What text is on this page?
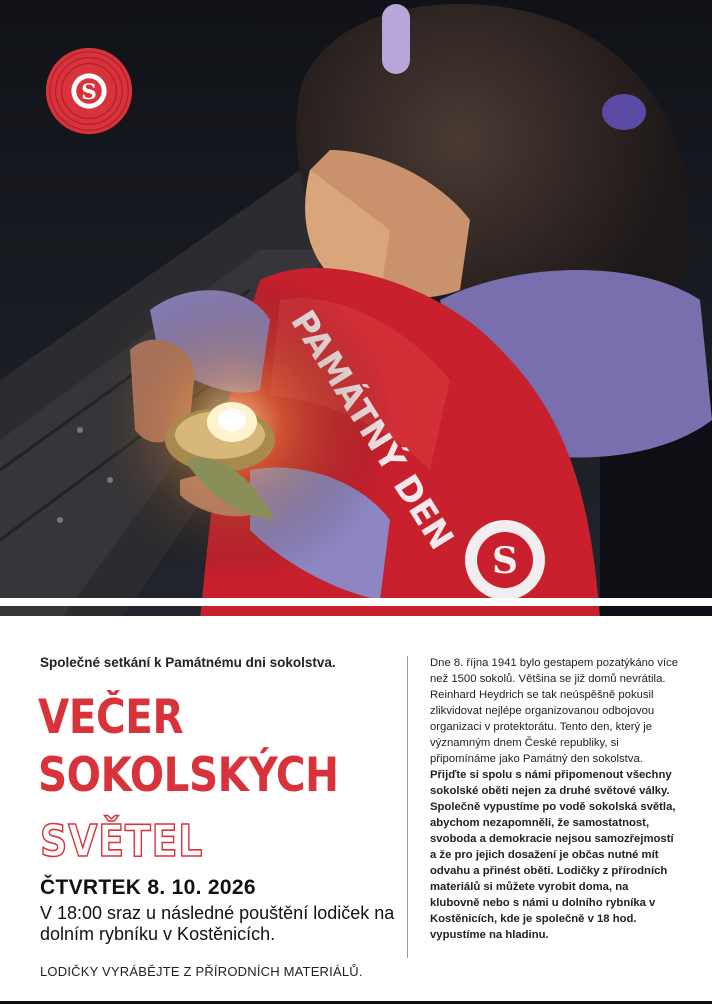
S
Společné setkání k Památnému dni sokolstva.
VEČER
SOKOLSKÝCH
SVĚTEL
ČTVRTEK 8. 10. 2026
V 18:00 sraz u následné pouštění lodiček na dolním rybníku v Kostěnicích.
LODIČKY VYRÁBĚJTE Z PŘÍRODNÍCH MATERIÁLŮ.
Dne 8. října 1941 bylo gestapem pozatýkáno více než 1500 sokolů. Většina se již domů nevrátila. Reinhard Heydrich se tak neúspěšně pokusil zlikvidovat nejlépe organizovanou odbojovou organizaci v protektorátu. Tento den, který je významným dnem České republiky, si připomínáme jako Památný den sokolstva. Přijďte si spolu s námi připomenout všechny sokolské oběti nejen za druhé světové války. Společně vypustíme po vodě sokolská světla, abychom nezapomněli, že samostatnost, svoboda a demokracie nejsou samozřejmostí a že pro jejich dosažení je občas nutné mít odvahu a přinést oběti. Lodičky z přírodních materiálů si můžete vyrobit doma, na klubovně nebo s námi u dolního rybníka v Kostěnicích, kde je společně v 18 hod. vypustíme na hladinu.
